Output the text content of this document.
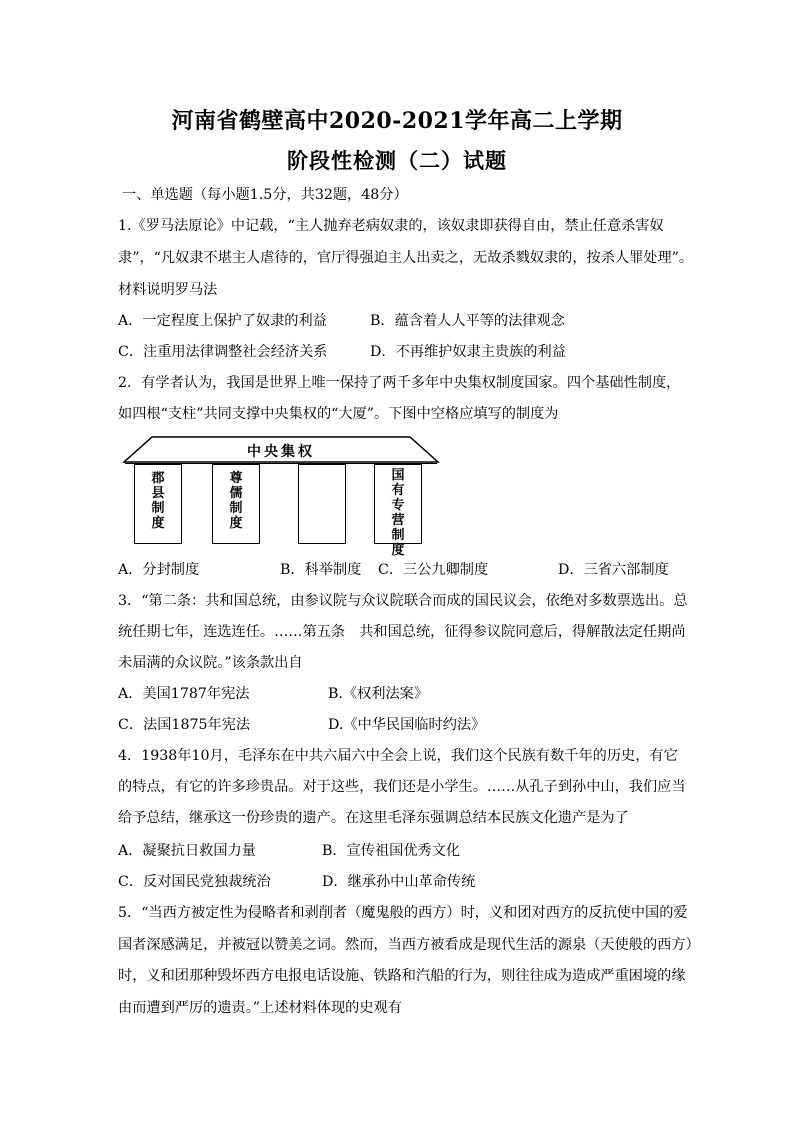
河南省鹤壁高中2020-2021学年高二上学期
阶段性检测（二）试题
一、单选题（每小题1.5分，共32题，48分）
1.《罗马法原论》中记载，“主人抛弃老病奴隶的，该奴隶即获得自由，禁止任意杀害奴
隶”，“凡奴隶不堪主人虐待的，官厅得强迫主人出卖之，无故杀戮奴隶的，按杀人罪处理”。
材料说明罗马法
A．一定程度上保护了奴隶的利益	B．蕴含着人人平等的法律观念
C．注重用法律调整社会经济关系	D．不再维护奴隶主贵族的利益
2．有学者认为，我国是世界上唯一保持了两千多年中央集权制度国家。四个基础性制度，
如四根“支柱”共同支撑中央集权的“大厦”。下图中空格应填写的制度为
中央集权
郡县制度
尊儒制度
国有专营制度
A．分封制度	B．科举制度 C．三公九卿制度	D．三省六部制度
3．“第二条：共和国总统，由参议院与众议院联合而成的国民议会，依绝对多数票选出。总
统任期七年，连选连任。……第五条　共和国总统，征得参议院同意后，得解散法定任期尚
未届满的众议院。”该条款出自
A．美国1787年宪法	B.《权利法案》
C．法国1875年宪法	D.《中华民国临时约法》
4．1938年10月，毛泽东在中共六届六中全会上说，我们这个民族有数千年的历史，有它
的特点，有它的许多珍贵品。对于这些，我们还是小学生。……从孔子到孙中山，我们应当
给予总结，继承这一份珍贵的遗产。在这里毛泽东强调总结本民族文化遗产是为了
A．凝聚抗日救国力量	B．宣传祖国优秀文化
C．反对国民党独裁统治	D．继承孙中山革命传统
5．“当西方被定性为侵略者和剥削者（魔鬼般的西方）时，义和团对西方的反抗使中国的爱
国者深感满足，并被冠以赞美之词。然而，当西方被看成是现代生活的源泉（天使般的西方）
时，义和团那种毁坏西方电报电话设施、铁路和汽船的行为，则往往成为造成严重困境的缘
由而遭到严厉的遗责。”上述材料体现的史观有
